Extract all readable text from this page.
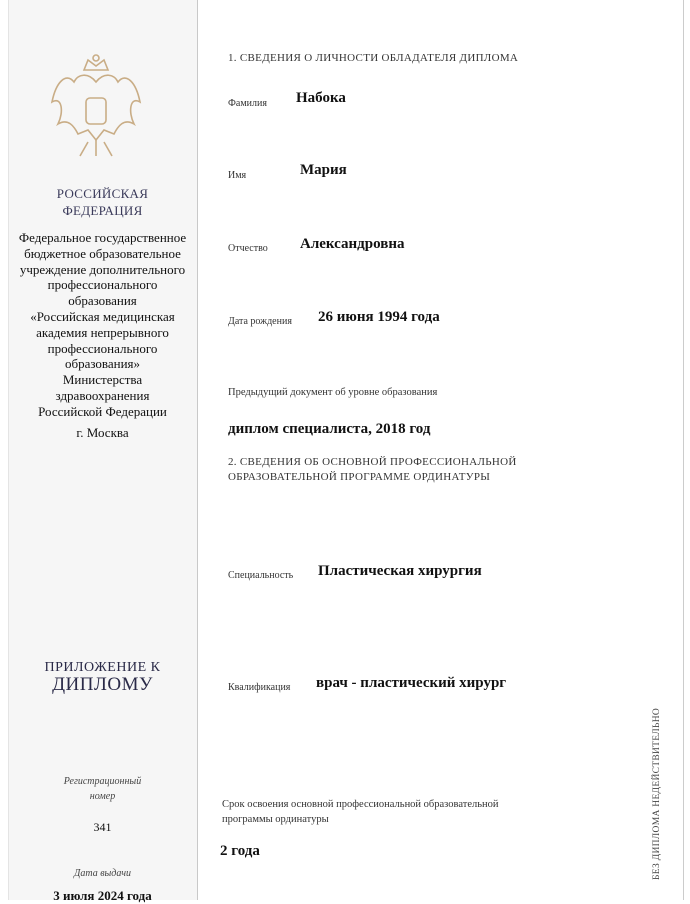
РОССИЙСКАЯ
ФЕДЕРАЦИЯ
Федеральное государственное
бюджетное образовательное
учреждение дополнительного
профессионального
образования
«Российская медицинская
академия непрерывного
профессионального
образования»
Министерства
здравоохранения
Российской Федерации
г. Москва
ПРИЛОЖЕНИЕ К
ДИПЛОМУ
Регистрационный
номер
341
Дата выдачи
3 июля 2024 года
1. СВЕДЕНИЯ О ЛИЧНОСТИ ОБЛАДАТЕЛЯ ДИПЛОМА
Фамилия Набока
Имя	Мария
Отчество Александровна
Дата рождения 26 июня 1994 года
Предыдущий документ об уровне образования
диплом специалиста, 2018 год
2. СВЕДЕНИЯ ОБ ОСНОВНОЙ ПРОФЕССИОНАЛЬНОЙ
ОБРАЗОВАТЕЛЬНОЙ ПРОГРАММЕ ОРДИНАТУРЫ
Специальность Пластическая хирургия
Квалификация врач - пластический хирург
Срок освоения основной профессиональной образовательной
программы ординатуры
2 года	БЕЗ ДИПЛОМА НЕДЕЙСТВИТЕЛЬНО
